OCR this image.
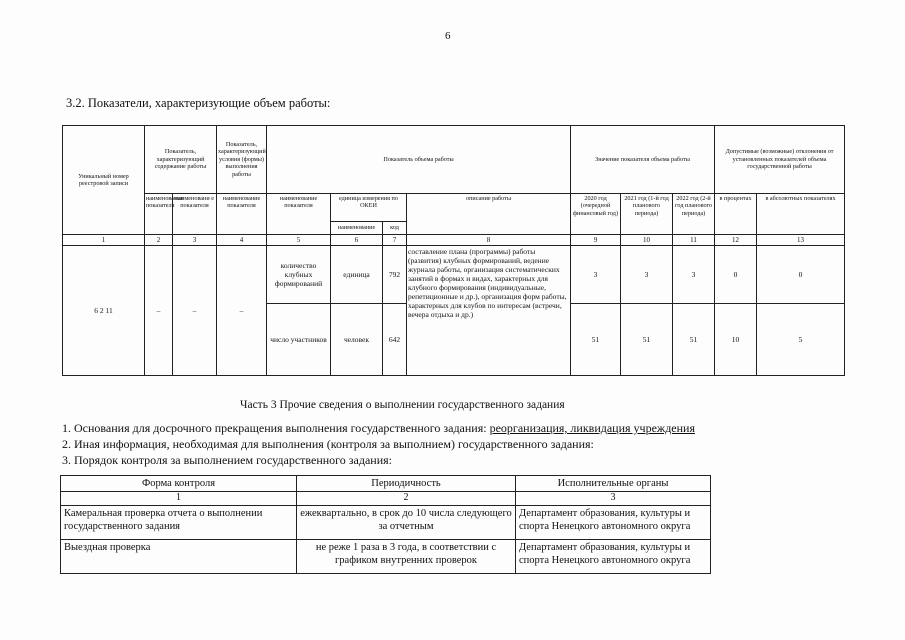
6
3.2. Показатели, характеризующие объем работы:
Уникальный номер реестровой записи	Показатель, характеризующий содержание работы		Показатель, характеризующий условия (формы) выполнения работы	Показатель объема работы				Значение показателя объема работы			Допустимые (возможные) отклонения от установленных показателей объема государственной работы	
	наименование показателя	наименовани е показателя	наименование показателя	наименование показателя	единица измерения по ОКЕИ		описание работы	2020 год (очередной финансовый год)	2021 год (1-й год планового периода)	2022 год (2-й год планового периода)	в процентах	в абсолютных показателях
					наименование	код						
1	2	3	4	5	6	7	8	9	10	11	12	13
6 2 11	–	–	–	количество клубных формирований	единица	792	составление плана (программы) работы (развития) клубных формирований, ведение журнала работы, организация систематических занятий в формах и видах, характерных для клубного формирования (индивидуальные, репетиционные и др.), организация форм работы, характерных для клубов по интересам (встречи, вечера отдыха и др.)	3	3	3	0	0
				число участников	человек	642		51	51	51	10	5
Часть 3 Прочие сведения о выполнении государственного задания
1. Основания для досрочного прекращения выполнения государственного задания: реорганизация, ликвидация учреждения
2. Иная информация, необходимая для выполнения (контроля за выполнием) государственного задания:
3. Порядок контроля за выполнением государственного задания:
Форма контроля	Периодичность	Исполнительные органы
1	2	3
Камеральная проверка отчета о выполнении государственного задания	ежеквартально, в срок до 10 числа следующего за отчетным	Департамент образования, культуры и спорта Ненецкого автономного округа
Выездная проверка	не реже 1 раза в 3 года, в соответствии с графиком внутренних проверок	Департамент образования, культуры и спорта Ненецкого автономного округа
